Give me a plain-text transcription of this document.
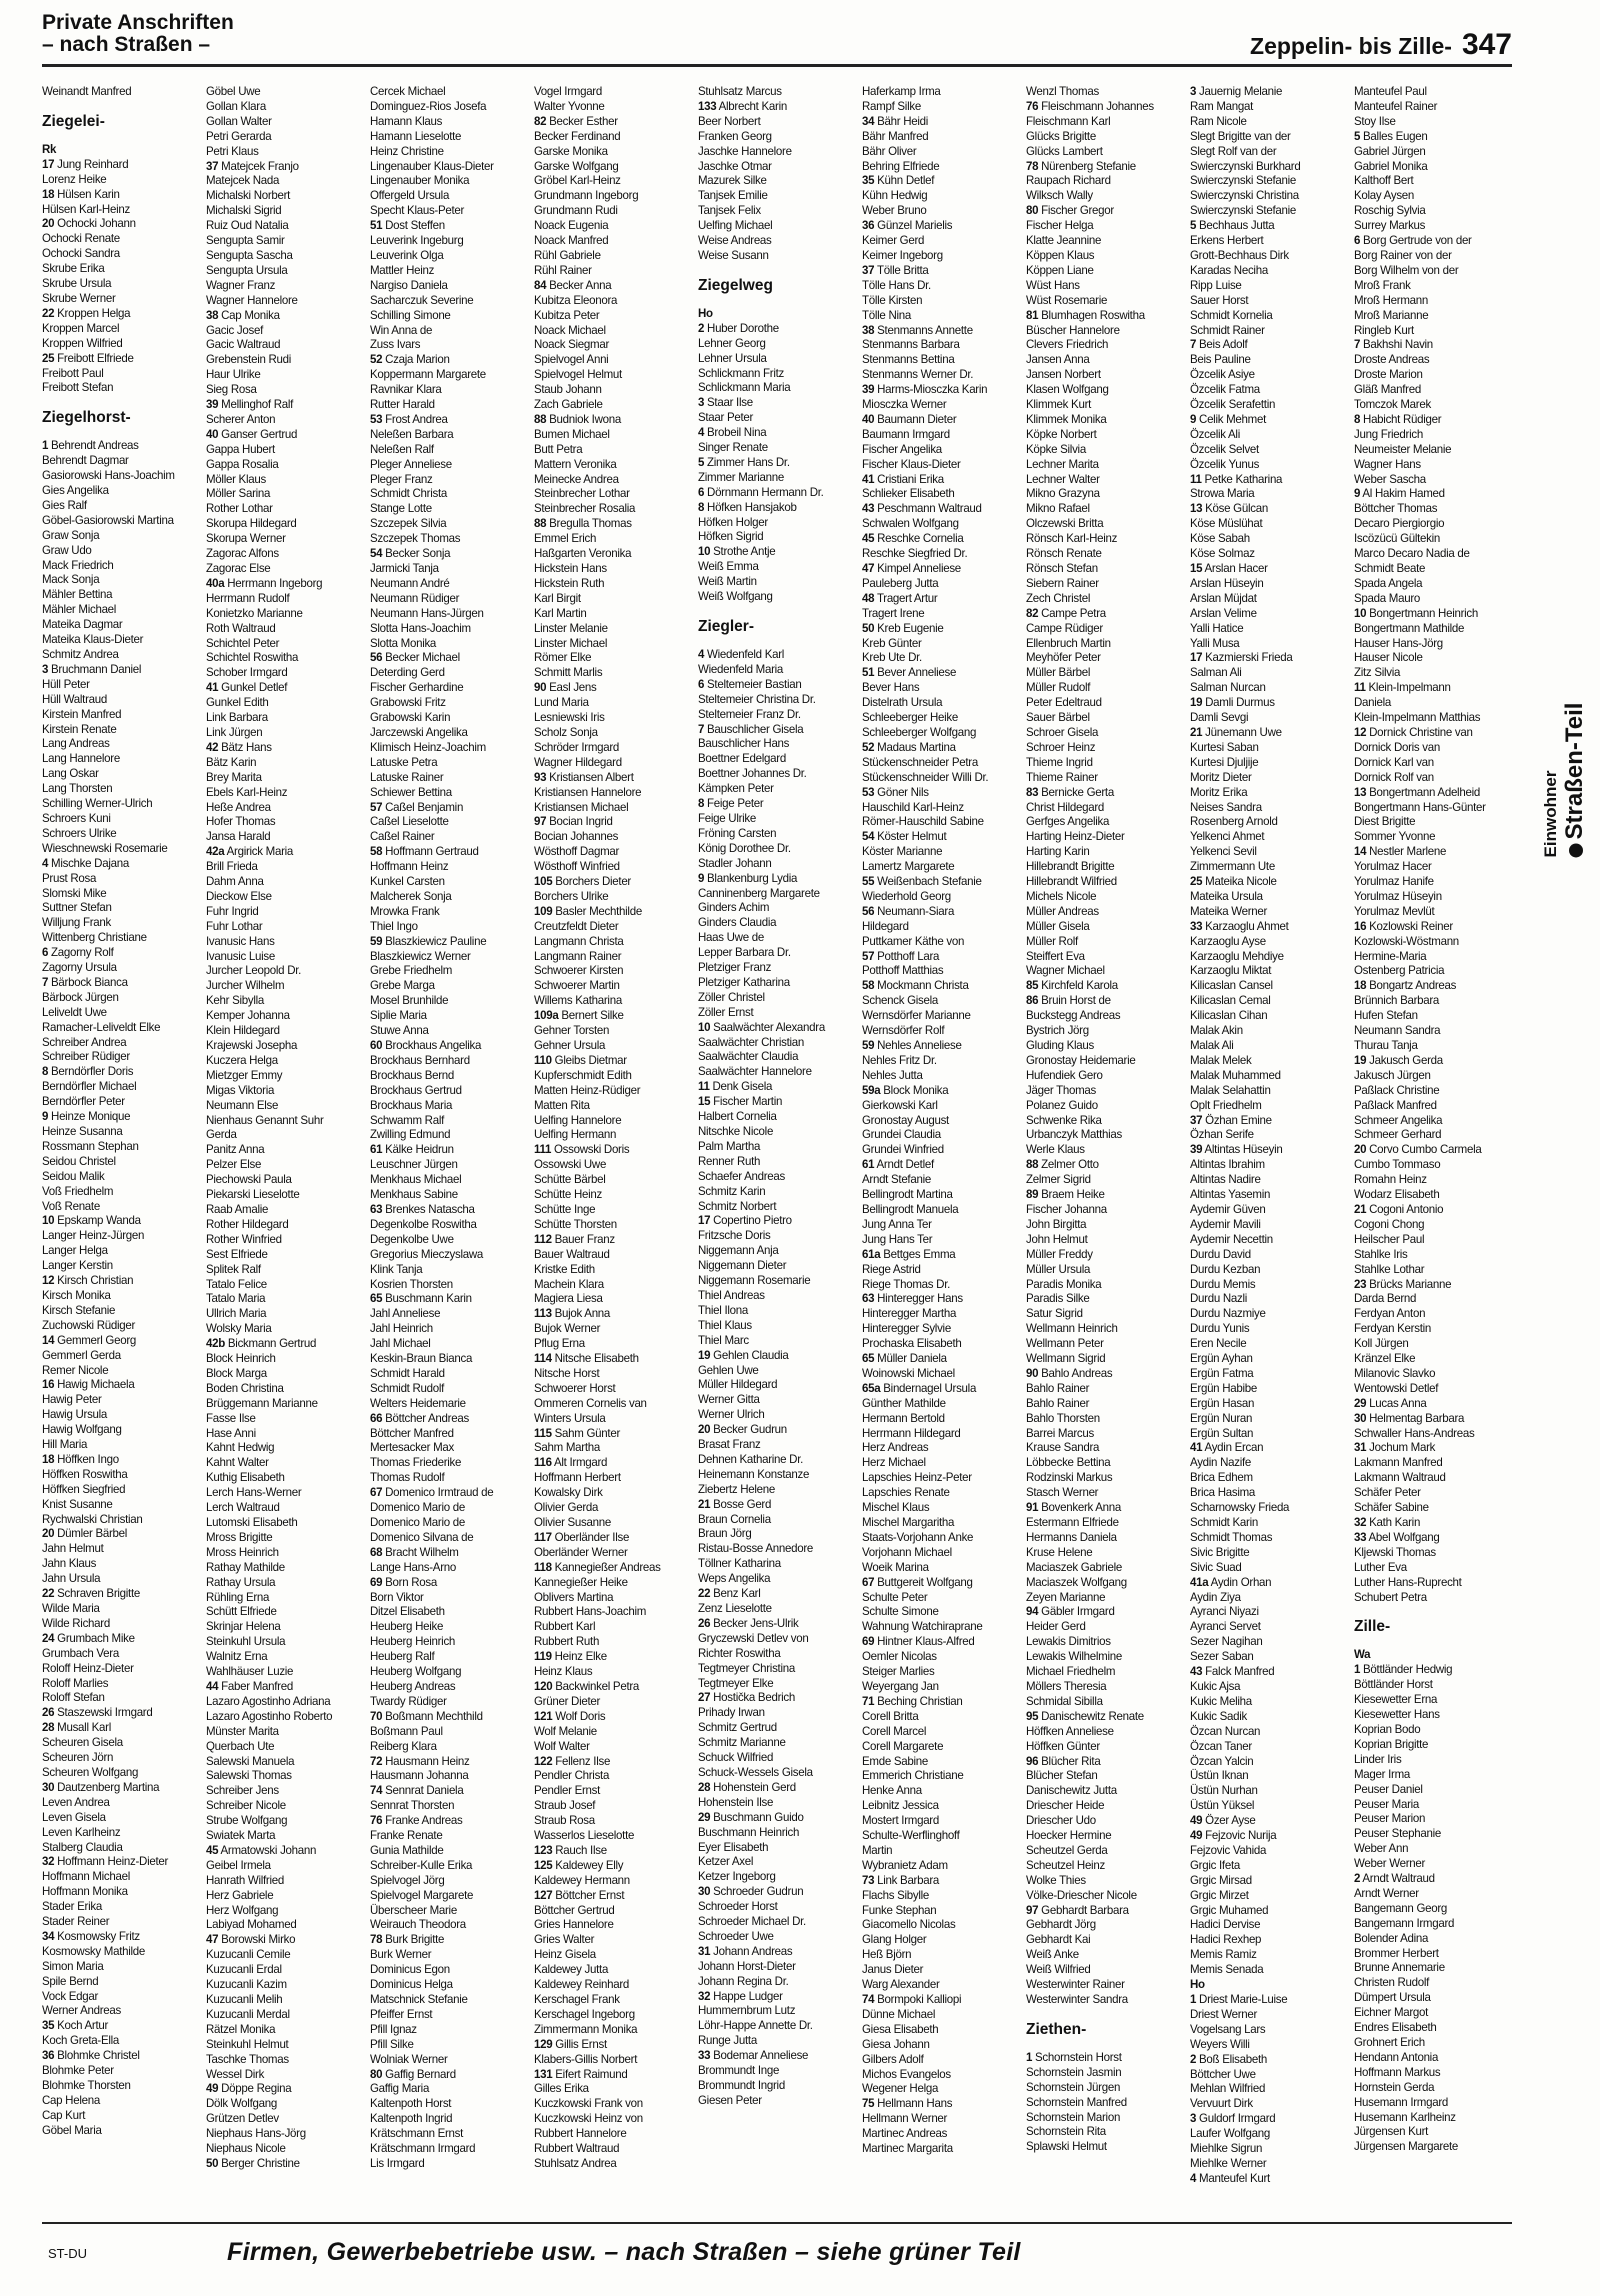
Private Anschriften
– nach Straßen –	Zeppelin- bis Zille- 347
Weinandt Manfred
Ziegelei-
Rk
17 Jung Reinhard
Lorenz Heike
18 Hülsen Karin
Hülsen Karl-Heinz
20 Ochocki Johann
Ochocki Renate
Ochocki Sandra
Skrube Erika
Skrube Ursula
Skrube Werner
22 Kroppen Helga
Kroppen Marcel
Kroppen Wilfried
25 Freibott Elfriede
Freibott Paul
Freibott Stefan
Ziegelhorst-
1 Behrendt Andreas
Behrendt Dagmar
Gasiorowski Hans-Joachim
Gies Angelika
Gies Ralf
Göbel-Gasiorowski Martina
Graw Sonja
Graw Udo
Mack Friedrich
Mack Sonja
Mähler Bettina
Mähler Michael
Mateika Dagmar
Mateika Klaus-Dieter
Schmitz Andrea
3 Bruchmann Daniel
Hüll Peter
Hüll Waltraud
Kirstein Manfred
Kirstein Renate
Lang Andreas
Lang Hannelore
Lang Oskar
Lang Thorsten
Schilling Werner-Ulrich
Schroers Kuni
Schroers Ulrike
Wieschnewski Rosemarie
4 Mischke Dajana
Prust Rosa
Slomski Mike
Suttner Stefan
Willjung Frank
Wittenberg Christiane
6 Zagorny Rolf
Zagorny Ursula
7 Bärbock Bianca
Bärbock Jürgen
Leliveldt Uwe
Ramacher-Leliveldt Elke
Schreiber Andrea
Schreiber Rüdiger
8 Berndörfler Doris
Berndörfler Michael
Berndörfler Peter
9 Heinze Monique
Heinze Susanna
Rossmann Stephan
Seidou Christel
Seidou Malik
Voß Friedhelm
Voß Renate
10 Epskamp Wanda
Langer Heinz-Jürgen
Langer Helga
Langer Kerstin
12 Kirsch Christian
Kirsch Monika
Kirsch Stefanie
Zuchowski Rüdiger
14 Gemmerl Georg
Gemmerl Gerda
Remer Nicole
16 Hawig Michaela
Hawig Peter
Hawig Ursula
Hawig Wolfgang
Hill Maria
18 Höffken Ingo
Höffken Roswitha
Höffken Siegfried
Knist Susanne
Rychwalski Christian
20 Dümler Bärbel
Jahn Helmut
Jahn Klaus
Jahn Ursula
22 Schraven Brigitte
Wilde Maria
Wilde Richard
24 Grumbach Mike
Grumbach Vera
Roloff Heinz-Dieter
Roloff Marlies
Roloff Stefan
26 Staszewski Irmgard
28 Musall Karl
Scheuren Gisela
Scheuren Jörn
Scheuren Wolfgang
30 Dautzenberg Martina
Leven Andrea
Leven Gisela
Leven Karlheinz
Stalberg Claudia
32 Hoffmann Heinz-Dieter
Hoffmann Michael
Hoffmann Monika
Stader Erika
Stader Reiner
34 Kosmowsky Fritz
Kosmowsky Mathilde
Simon Maria
Spile Bernd
Vock Edgar
Werner Andreas
35 Koch Artur
Koch Greta-Ella
36 Blohmke Christel
Blohmke Peter
Blohmke Thorsten
Cap Helena
Cap Kurt
Göbel Maria
Göbel Uwe
Gollan Klara
Gollan Walter
Petri Gerarda
Petri Klaus
37 Matejcek Franjo
Matejcek Nada
Michalski Norbert
Michalski Sigrid
Ruiz Oud Natalia
Sengupta Samir
Sengupta Sascha
Sengupta Ursula
Wagner Franz
Wagner Hannelore
38 Cap Monika
Gacic Josef
Gacic Waltraud
Grebenstein Rudi
Haur Ulrike
Sieg Rosa
39 Mellinghof Ralf
Scherer Anton
40 Ganser Gertrud
Gappa Hubert
Gappa Rosalia
Möller Klaus
Möller Sarina
Rother Lothar
Skorupa Hildegard
Skorupa Werner
Zagorac Alfons
Zagorac Else
40a Herrmann Ingeborg
Herrmann Rudolf
Konietzko Marianne
Roth Waltraud
Schichtel Peter
Schichtel Roswitha
Schober Irmgard
41 Gunkel Detlef
Gunkel Edith
Link Barbara
Link Jürgen
42 Bätz Hans
Bätz Karin
Brey Marita
Ebels Karl-Heinz
Heße Andrea
Hofer Thomas
Jansa Harald
42a Argirick Maria
Brill Frieda
Dahm Anna
Dieckow Else
Fuhr Ingrid
Fuhr Lothar
Ivanusic Hans
Ivanusic Luise
Jurcher Leopold Dr.
Jurcher Wilhelm
Kehr Sibylla
Kemper Johanna
Klein Hildegard
Krajewski Josepha
Kuczera Helga
Mietzger Emmy
Migas Viktoria
Neumann Else
Nienhaus Genannt Suhr
Gerda
Panitz Anna
Pelzer Else
Piechowski Paula
Piekarski Lieselotte
Raab Amalie
Rother Hildegard
Rother Winfried
Sest Elfriede
Splitek Ralf
Tatalo Felice
Tatalo Maria
Ullrich Maria
Wolsky Maria
42b Bickmann Gertrud
Block Heinrich
Block Marga
Boden Christina
Brüggemann Marianne
Fasse Ilse
Hase Anni
Kahnt Hedwig
Kahnt Walter
Kuthig Elisabeth
Lerch Hans-Werner
Lerch Waltraud
Lutomski Elisabeth
Mross Brigitte
Mross Heinrich
Rathay Mathilde
Rathay Ursula
Rühling Erna
Schütt Elfriede
Skrinjar Helena
Steinkuhl Ursula
Walnitz Erna
Wahlhäuser Luzie
44 Faber Manfred
Lazaro Agostinho Adriana
Lazaro Agostinho Roberto
Münster Marita
Querbach Ute
Salewski Manuela
Salewski Thomas
Schreiber Jens
Schreiber Nicole
Strube Wolfgang
Swiatek Marta
45 Armatowski Johann
Geibel Irmela
Hanrath Wilfried
Herz Gabriele
Herz Wolfgang
Labiyad Mohamed
47 Borowski Mirko
Kuzucanli Cemile
Kuzucanli Erdal
Kuzucanli Kazim
Kuzucanli Melih
Kuzucanli Merdal
Rätzel Monika
Steinkuhl Helmut
Taschke Thomas
Wessel Dirk
49 Döppe Regina
Dölk Wolfgang
Grützen Detlev
Niephaus Hans-Jörg
Niephaus Nicole
50 Berger Christine
Cercek Michael
Dominguez-Rios Josefa
Hamann Klaus
Hamann Lieselotte
Heinz Christine
Lingenauber Klaus-Dieter
Lingenauber Monika
Offergeld Ursula
Specht Klaus-Peter
51 Dost Steffen
Leuverink Ingeburg
Leuverink Olga
Mattler Heinz
Nargiso Daniela
Sacharczuk Severine
Schilling Simone
Win Anna de
Zuss Ivars
52 Czaja Marion
Koppermann Margarete
Ravnikar Klara
Rutter Harald
53 Frost Andrea
Neleßen Barbara
Neleßen Ralf
Pleger Anneliese
Pleger Franz
Schmidt Christa
Stange Lotte
Szczepek Silvia
Szczepek Thomas
54 Becker Sonja
Jarmicki Tanja
Neumann André
Neumann Rüdiger
Neumann Hans-Jürgen
Slotta Hans-Joachim
Slotta Monika
56 Becker Michael
Deterding Gerd
Fischer Gerhardine
Grabowski Fritz
Grabowski Karin
Jarczewski Angelika
Klimisch Heinz-Joachim
Latuske Petra
Latuske Rainer
Schiewer Bettina
57 Caßel Benjamin
Caßel Lieselotte
Caßel Rainer
58 Hoffmann Gertraud
Hoffmann Heinz
Kunkel Carsten
Malcherek Sonja
Mrowka Frank
Thiel Ingo
59 Blaszkiewicz Pauline
Blaszkiewicz Werner
Grebe Friedhelm
Grebe Marga
Mosel Brunhilde
Siplie Maria
Stuwe Anna
60 Brockhaus Angelika
Brockhaus Bernhard
Brockhaus Bernd
Brockhaus Gertrud
Brockhaus Maria
Schwamm Ralf
Zwilling Edmund
61 Kälke Heidrun
Leuschner Jürgen
Menkhaus Michael
Menkhaus Sabine
63 Brenkes Natascha
Degenkolbe Roswitha
Degenkolbe Uwe
Gregorius Mieczyslawa
Klink Tanja
Kosrien Thorsten
65 Buschmann Karin
Jahl Anneliese
Jahl Heinrich
Jahl Michael
Keskin-Braun Bianca
Schmidt Harald
Schmidt Rudolf
Welters Heidemarie
66 Böttcher Andreas
Böttcher Manfred
Mertesacker Max
Thomas Friederike
Thomas Rudolf
67 Domenico Irmtraud de
Domenico Mario de
Domenico Mario de
Domenico Silvana de
68 Bracht Wilhelm
Lange Hans-Arno
69 Born Rosa
Born Viktor
Ditzel Elisabeth
Heuberg Heike
Heuberg Heinrich
Heuberg Ralf
Heuberg Wolfgang
Heuberg Andreas
Twardy Rüdiger
70 Boßmann Mechthild
Boßmann Paul
Reiberg Klara
72 Hausmann Heinz
Hausmann Johanna
74 Sennrat Daniela
Sennrat Thorsten
76 Franke Andreas
Franke Renate
Gunia Mathilde
Schreiber-Kulle Erika
Spielvogel Jörg
Spielvogel Margarete
Überscheer Marie
Weirauch Theodora
78 Burk Brigitte
Burk Werner
Dominicus Egon
Dominicus Helga
Matschnick Stefanie
Pfeiffer Ernst
Pfill Ignaz
Pfill Silke
Wolniak Werner
80 Gaffig Bernard
Gaffig Maria
Kaltenpoth Horst
Kaltenpoth Ingrid
Krätschmann Ernst
Krätschmann Irmgard
Lis Irmgard
Vogel Irmgard
Walter Yvonne
82 Becker Esther
Becker Ferdinand
Garske Monika
Garske Wolfgang
Gröbel Karl-Heinz
Grundmann Ingeborg
Grundmann Rudi
Noack Eugenia
Noack Manfred
Rühl Gabriele
Rühl Rainer
84 Becker Anna
Kubitza Eleonora
Kubitza Peter
Noack Michael
Noack Siegmar
Spielvogel Anni
Spielvogel Helmut
Staub Johann
Zach Gabriele
88 Budniok Iwona
Bumen Michael
Butt Petra
Mattern Veronika
Meinecke Andrea
Steinbrecher Lothar
Steinbrecher Rosalia
88 Bregulla Thomas
Emmel Erich
Haßgarten Veronika
Hickstein Hans
Hickstein Ruth
Karl Birgit
Karl Martin
Linster Melanie
Linster Michael
Römer Elke
Schmitt Marlis
90 Easl Jens
Lund Maria
Lesniewski Iris
Scholz Sonja
Schröder Irmgard
Wagner Hildegard
93 Kristiansen Albert
Kristiansen Hannelore
Kristiansen Michael
97 Bocian Ingrid
Bocian Johannes
Wösthoff Dagmar
Wösthoff Winfried
105 Borchers Dieter
Borchers Ulrike
109 Basler Mechthilde
Creutzfeldt Dieter
Langmann Christa
Langmann Rainer
Schwoerer Kirsten
Schwoerer Martin
Willems Katharina
109a Bernert Silke
Gehner Torsten
Gehner Ursula
110 Gleibs Dietmar
Kupferschmidt Edith
Matten Heinz-Rüdiger
Matten Rita
Uelfing Hannelore
Uelfing Hermann
111 Ossowski Doris
Ossowski Uwe
Schütte Bärbel
Schütte Heinz
Schütte Inge
Schütte Thorsten
112 Bauer Franz
Bauer Waltraud
Kristke Edith
Machein Klara
Magiera Liesa
113 Bujok Anna
Bujok Werner
Pflug Erna
114 Nitsche Elisabeth
Nitsche Horst
Schwoerer Horst
Ommeren Cornelis van
Winters Ursula
115 Sahm Günter
Sahm Martha
116 Alt Irmgard
Hoffmann Herbert
Kowalsky Dirk
Olivier Gerda
Olivier Susanne
117 Oberländer Ilse
Oberländer Werner
118 Kannegießer Andreas
Kannegießer Heike
Oblivers Martina
Rubbert Hans-Joachim
Rubbert Karl
Rubbert Ruth
119 Heinz Elke
Heinz Klaus
120 Backwinkel Petra
Grüner Dieter
121 Wolf Doris
Wolf Melanie
Wolf Walter
122 Fellenz Ilse
Pendler Christa
Pendler Ernst
Straub Josef
Straub Rosa
Wasserlos Lieselotte
123 Rauch Ilse
125 Kaldewey Elly
Kaldewey Hermann
127 Böttcher Ernst
Böttcher Gertrud
Gries Hannelore
Gries Walter
Heinz Gisela
Kaldewey Jutta
Kaldewey Reinhard
Kerschagel Frank
Kerschagel Ingeborg
Zimmermann Monika
129 Gillis Ernst
Klabers-Gillis Norbert
131 Eifert Raimund
Gilles Erika
Kuczkowski Frank von
Kuczkowski Heinz von
Rubbert Hannelore
Rubbert Waltraud
Stuhlsatz Andrea
Stuhlsatz Marcus
133 Albrecht Karin
Beer Norbert
Franken Georg
Jaschke Hannelore
Jaschke Otmar
Mazurek Silke
Tanjsek Emilie
Tanjsek Felix
Uelfing Michael
Weise Andreas
Weise Susann
Ziegelweg
Ho
2 Huber Dorothe
Lehner Georg
Lehner Ursula
Schlickmann Fritz
Schlickmann Maria
3 Staar Ilse
Staar Peter
4 Brobeil Nina
Singer Renate
5 Zimmer Hans Dr.
Zimmer Marianne
6 Dörnmann Hermann Dr.
8 Höfken Hansjakob
Höfken Holger
Höfken Sigrid
10 Strothe Antje
Weiß Emma
Weiß Martin
Weiß Wolfgang
Ziegler-
4 Wiedenfeld Karl
Wiedenfeld Maria
6 Steltemeier Bastian
Steltemeier Christina Dr.
Steltemeier Franz Dr.
7 Bauschlicher Gisela
Bauschlicher Hans
Boettner Edelgard
Boettner Johannes Dr.
Kämpken Peter
8 Feige Peter
Feige Ulrike
Fröning Carsten
König Dorothee Dr.
Stadler Johann
9 Blankenburg Lydia
Canninenberg Margarete
Ginders Achim
Ginders Claudia
Haas Uwe de
Lepper Barbara Dr.
Pletziger Franz
Pletziger Katharina
Zöller Christel
Zöller Ernst
10 Saalwächter Alexandra
Saalwächter Christian
Saalwächter Claudia
Saalwächter Hannelore
11 Denk Gisela
15 Fischer Martin
Halbert Cornelia
Nitschke Nicole
Palm Martha
Renner Ruth
Schaefer Andreas
Schmitz Karin
Schmitz Norbert
17 Copertino Pietro
Fritzsche Doris
Niggemann Anja
Niggemann Dieter
Niggemann Rosemarie
Thiel Andreas
Thiel Ilona
Thiel Klaus
Thiel Marc
19 Gehlen Claudia
Gehlen Uwe
Müller Hildegard
Werner Gitta
Werner Ulrich
20 Becker Gudrun
Brasat Franz
Dehnen Katharine Dr.
Heinemann Konstanze
Ziebertz Helene
21 Bosse Gerd
Braun Cornelia
Braun Jörg
Ristau-Bosse Annedore
Töllner Katharina
Weps Angelika
22 Benz Karl
Zenz Lieselotte
26 Becker Jens-Ulrik
Gryczewski Detlev von
Richter Roswitha
Tegtmeyer Christina
Tegtmeyer Elke
27 Hostička Bedrich
Prihady Irwan
Schmitz Gertrud
Schmitz Marianne
Schuck Wilfried
Schuck-Wessels Gisela
28 Hohenstein Gerd
Hohenstein Ilse
29 Buschmann Guido
Buschmann Heinrich
Eyer Elisabeth
Ketzer Axel
Ketzer Ingeborg
30 Schroeder Gudrun
Schroeder Horst
Schroeder Michael Dr.
Schroeder Uwe
31 Johann Andreas
Johann Horst-Dieter
Johann Regina Dr.
32 Happe Ludger
Hummernbrum Lutz
Löhr-Happe Annette Dr.
Runge Jutta
33 Bodemar Anneliese
Brommundt Inge
Brommundt Ingrid
Giesen Peter
Haferkamp Irma
Rampf Silke
34 Bähr Heidi
Bähr Manfred
Bähr Oliver
Behring Elfriede
35 Kühn Detlef
Kühn Hedwig
Weber Bruno
36 Günzel Marielis
Keimer Gerd
Keimer Ingeborg
37 Tölle Britta
Tölle Hans Dr.
Tölle Kirsten
Tölle Nina
38 Stenmanns Annette
Stenmanns Barbara
Stenmanns Bettina
Stenmanns Werner Dr.
39 Harms-Miosczka Karin
Miosczka Werner
40 Baumann Dieter
Baumann Irmgard
Fischer Angelika
Fischer Klaus-Dieter
41 Cristiani Erika
Schlieker Elisabeth
43 Peschmann Waltraud
Schwalen Wolfgang
45 Reschke Cornelia
Reschke Siegfried Dr.
47 Kimpel Anneliese
Pauleberg Jutta
48 Tragert Artur
Tragert Irene
50 Kreb Eugenie
Kreb Günter
Kreb Ute Dr.
51 Bever Anneliese
Bever Hans
Distelrath Ursula
Schleeberger Heike
Schleeberger Wolfgang
52 Madaus Martina
Stückenschneider Petra
Stückenschneider Willi Dr.
53 Göner Nils
Hauschild Karl-Heinz
Römer-Hauschild Sabine
54 Köster Helmut
Köster Marianne
Lamertz Margarete
55 Weißenbach Stefanie
Wiederhold Georg
56 Neumann-Siara
Hildegard
Puttkamer Käthe von
57 Potthoff Lara
Potthoff Matthias
58 Mockmann Christa
Schenck Gisela
Wernsdörfer Marianne
Wernsdörfer Rolf
59 Nehles Anneliese
Nehles Fritz Dr.
Nehles Jutta
59a Block Monika
Gierkowski Karl
Gronostay August
Grundei Claudia
Grundei Winfried
61 Arndt Detlef
Arndt Stefanie
Bellingrodt Martina
Bellingrodt Manuela
Jung Anna Ter
Jung Hans Ter
61a Bettges Emma
Riege Astrid
Riege Thomas Dr.
63 Hinteregger Hans
Hinteregger Martha
Hinteregger Sylvie
Prochaska Elisabeth
65 Müller Daniela
Woinowski Michael
65a Bindernagel Ursula
Günther Mathilde
Hermann Bertold
Herrmann Hildegard
Herz Andreas
Herz Michael
Lapschies Heinz-Peter
Lapschies Renate
Mischel Klaus
Mischel Margaritha
Staats-Vorjohann Anke
Vorjohann Michael
Woeik Marina
67 Buttgereit Wolfgang
Schulte Peter
Schulte Simone
Wahnung Watchiraprane
69 Hintner Klaus-Alfred
Oemler Nicolas
Steiger Marlies
Weyergang Jan
71 Beching Christian
Corell Britta
Corell Marcel
Corell Margarete
Emde Sabine
Emmerich Christiane
Henke Anna
Leibnitz Jessica
Mostert Irmgard
Schulte-Werflinghoff
Martin
Wybranietz Adam
73 Link Barbara
Flachs Sibylle
Funke Stephan
Giacomello Nicolas
Glang Holger
Heß Björn
Janus Dieter
Warg Alexander
74 Bormpoki Kalliopi
Dünne Michael
Giesa Elisabeth
Giesa Johann
Gilbers Adolf
Michos Evangelos
Wegener Helga
75 Hellmann Hans
Hellmann Werner
Martinec Andreas
Martinec Margarita
Wenzl Thomas
76 Fleischmann Johannes
Fleischmann Karl
Glücks Brigitte
Glücks Lambert
78 Nürenberg Stefanie
Raupach Richard
Wilksch Wally
80 Fischer Gregor
Fischer Helga
Klatte Jeannine
Köppen Klaus
Köppen Liane
Wüst Hans
Wüst Rosemarie
81 Blumhagen Roswitha
Büscher Hannelore
Clevers Friedrich
Jansen Anna
Jansen Norbert
Klasen Wolfgang
Klimmek Kurt
Klimmek Monika
Köpke Norbert
Köpke Silvia
Lechner Marita
Lechner Walter
Mikno Grazyna
Mikno Rafael
Olczewski Britta
Rönsch Karl-Heinz
Rönsch Renate
Rönsch Stefan
Siebern Rainer
Zech Christel
82 Campe Petra
Campe Rüdiger
Ellenbruch Martin
Meyhöfer Peter
Müller Bärbel
Müller Rudolf
Peter Edeltraud
Sauer Bärbel
Schroer Gisela
Schroer Heinz
Thieme Ingrid
Thieme Rainer
83 Bernicke Gerta
Christ Hildegard
Gerfges Angelika
Harting Heinz-Dieter
Harting Karin
Hillebrandt Brigitte
Hillebrandt Wilfried
Michels Nicole
Müller Andreas
Müller Gisela
Müller Rolf
Steiffert Eva
Wagner Michael
85 Kirchfeld Karola
86 Bruin Horst de
Buckstegg Andreas
Bystrich Jörg
Gluding Klaus
Gronostay Heidemarie
Hufendiek Gero
Jäger Thomas
Polanez Guido
Schwenke Rika
Urbanczyk Matthias
Werle Klaus
88 Zelmer Otto
Zelmer Sigrid
89 Braem Heike
Fischer Johanna
John Birgitta
John Helmut
Müller Freddy
Müller Ursula
Paradis Monika
Paradis Silke
Satur Sigrid
Wellmann Heinrich
Wellmann Peter
Wellmann Sigrid
90 Bahlo Andreas
Bahlo Rainer
Bahlo Rainer
Bahlo Thorsten
Barrei Marcus
Krause Sandra
Löbbecke Bettina
Rodzinski Markus
Stasch Werner
91 Bovenkerk Anna
Estermann Elfriede
Hermanns Daniela
Kruse Helene
Maciaszek Gabriele
Maciaszek Wolfgang
Zeyen Marianne
94 Gäbler Irmgard
Heider Gerd
Lewakis Dimitrios
Lewakis Wilhelmine
Michael Friedhelm
Möllers Theresia
Schmidal Sibilla
95 Danischewitz Renate
Höffken Anneliese
Höffken Günter
96 Blücher Rita
Blücher Stefan
Danischewitz Jutta
Driescher Heide
Driescher Udo
Hoecker Hermine
Scheutzel Gerda
Scheutzel Heinz
Wolke Thies
Völke-Driescher Nicole
97 Gebhardt Barbara
Gebhardt Jörg
Gebhardt Kai
Weiß Anke
Weiß Wilfried
Westerwinter Rainer
Westerwinter Sandra
Ziethen-
1 Schornstein Horst
Schornstein Jasmin
Schornstein Jürgen
Schornstein Manfred
Schornstein Marion
Schornstein Rita
Splawski Helmut
3 Jauernig Melanie
Ram Mangat
Ram Nicole
Slegt Brigitte van der
Slegt Rolf van der
Swierczynski Burkhard
Swierczynski Stefanie
Swierczynski Christina
Swierczynski Stefanie
5 Bechhaus Jutta
Erkens Herbert
Grott-Bechhaus Dirk
Karadas Neciha
Ripp Luise
Sauer Horst
Schmidt Kornelia
Schmidt Rainer
7 Beis Adolf
Beis Pauline
Özcelik Asiye
Özcelik Fatma
Özcelik Serafettin
9 Celik Mehmet
Özcelik Ali
Özcelik Selvet
Özcelik Yunus
11 Petke Katharina
Strowa Maria
13 Köse Gülcan
Köse Müslühat
Köse Sabah
Köse Solmaz
15 Arslan Hacer
Arslan Hüseyin
Arslan Müjdat
Arslan Velime
Yalli Hatice
Yalli Musa
17 Kazmierski Frieda
Salman Ali
Salman Nurcan
19 Damli Durmus
Damli Sevgi
21 Jünemann Uwe
Kurtesi Saban
Kurtesi Djuljije
Moritz Dieter
Moritz Erika
Neises Sandra
Rosenberg Arnold
Yelkenci Ahmet
Yelkenci Sevil
Zimmermann Ute
25 Mateika Nicole
Mateika Ursula
Mateika Werner
33 Karzaoglu Ahmet
Karzaoglu Ayse
Karzaoglu Mehdiye
Karzaoglu Miktat
Kilicaslan Cansel
Kilicaslan Cemal
Kilicaslan Cihan
Malak Akin
Malak Ali
Malak Melek
Malak Muhammed
Malak Selahattin
Oplt Friedhelm
37 Özhan Emine
Özhan Serife
39 Altintas Hüseyin
Altintas Ibrahim
Altintas Nadire
Altintas Yasemin
Aydemir Güven
Aydemir Mavili
Aydemir Necettin
Durdu David
Durdu Kezban
Durdu Memis
Durdu Nazli
Durdu Nazmiye
Durdu Yunis
Eren Necile
Ergün Ayhan
Ergün Fatma
Ergün Habibe
Ergün Hasan
Ergün Nuran
Ergün Sultan
41 Aydin Ercan
Aydin Nazife
Brica Edhem
Brica Hasima
Scharnowsky Frieda
Schmidt Karin
Schmidt Thomas
Sivic Brigitte
Sivic Suad
41a Aydin Orhan
Aydin Ziya
Ayranci Niyazi
Ayranci Servet
Sezer Nagihan
Sezer Saban
43 Falck Manfred
Kukic Ajsa
Kukic Meliha
Kukic Sadik
Özcan Nurcan
Özcan Taner
Özcan Yalcin
Üstün Iknan
Üstün Nurhan
Üstün Yüksel
49 Özer Ayse
49 Fejzovic Nurija
Fejzovic Vahida
Grgic Ifeta
Grgic Mirsad
Grgic Mirzet
Grgic Muhamed
Hadici Dervise
Hadici Rexhep
Memis Ramiz
Memis Senada
Ho
1 Driest Marie-Luise
Driest Werner
Vogelsang Lars
Weyers Willi
2 Boß Elisabeth
Böttcher Uwe
Mehlan Wilfried
Vervuurt Dirk
3 Guldorf Irmgard
Laufer Wolfgang
Miehlke Sigrun
Miehlke Werner
4 Manteufel Kurt
Manteufel Paul
Manteufel Rainer
Stoy Ilse
5 Balles Eugen
Gabriel Jürgen
Gabriel Monika
Kalthoff Bert
Kolay Aysen
Roschig Sylvia
Surrey Markus
6 Borg Gertrude von der
Borg Rainer von der
Borg Wilhelm von der
Mroß Frank
Mroß Hermann
Mroß Marianne
Ringleb Kurt
7 Bakhshi Navin
Droste Andreas
Droste Marion
Gläß Manfred
Tomczok Marek
8 Habicht Rüdiger
Jung Friedrich
Neumeister Melanie
Wagner Hans
Weber Sascha
9 Al Hakim Hamed
Böttcher Thomas
Decaro Piergiorgio
Iscözücü Gültekin
Marco Decaro Nadia de
Schmidt Beate
Spada Angela
Spada Mauro
10 Bongertmann Heinrich
Bongertmann Mathilde
Hauser Hans-Jörg
Hauser Nicole
Zitz Silvia
11 Klein-Impelmann
Daniela
Klein-Impelmann Matthias
12 Dornick Christine van
Dornick Doris van
Dornick Karl van
Dornick Rolf van
13 Bongertmann Adelheid
Bongertmann Hans-Günter
Diest Brigitte
Sommer Yvonne
14 Nestler Marlene
Yorulmaz Hacer
Yorulmaz Hanife
Yorulmaz Hüseyin
Yorulmaz Mevlüt
16 Kozlowski Reiner
Kozlowski-Wöstmann
Hermine-Maria
Ostenberg Patricia
18 Bongartz Andreas
Brünnich Barbara
Hufen Stefan
Neumann Sandra
Thurau Tanja
19 Jakusch Gerda
Jakusch Jürgen
Paßlack Christine
Paßlack Manfred
Schmeer Angelika
Schmeer Gerhard
20 Corvo Cumbo Carmela
Cumbo Tommaso
Romahn Heinz
Wodarz Elisabeth
21 Cogoni Antonio
Cogoni Chong
Heilscher Paul
Stahlke Iris
Stahlke Lothar
23 Brücks Marianne
Darda Bernd
Ferdyan Anton
Ferdyan Kerstin
Koll Jürgen
Kränzel Elke
Milanovic Slavko
Wentowski Detlef
29 Lucas Anna
30 Helmentag Barbara
Schwaller Hans-Andreas
31 Jochum Mark
Lakmann Manfred
Lakmann Waltraud
Schäfer Peter
Schäfer Sabine
32 Kath Karin
33 Abel Wolfgang
Kljewski Thomas
Luther Eva
Luther Hans-Ruprecht
Schubert Petra
Zille-
Wa
1 Böttländer Hedwig
Böttländer Horst
Kiesewetter Erna
Kiesewetter Hans
Koprian Bodo
Koprian Brigitte
Linder Iris
Mager Irma
Peuser Daniel
Peuser Maria
Peuser Marion
Peuser Stephanie
Weber Ann
Weber Werner
2 Arndt Waltraud
Arndt Werner
Bangemann Georg
Bangemann Irmgard
Bolender Adina
Brommer Herbert
Brunne Annemarie
Christen Rudolf
Dümpert Ursula
Eichner Margot
Endres Elisabeth
Grohnert Erich
Hendann Antonia
Hoffmann Markus
Hornstein Gerda
Husemann Irmgard
Husemann Karlheinz
Jürgensen Kurt
Jürgensen Margarete
Einwohner Straßen-Teil
ST-DU	Firmen, Gewerbebetriebe usw. – nach Straßen – siehe grüner Teil
